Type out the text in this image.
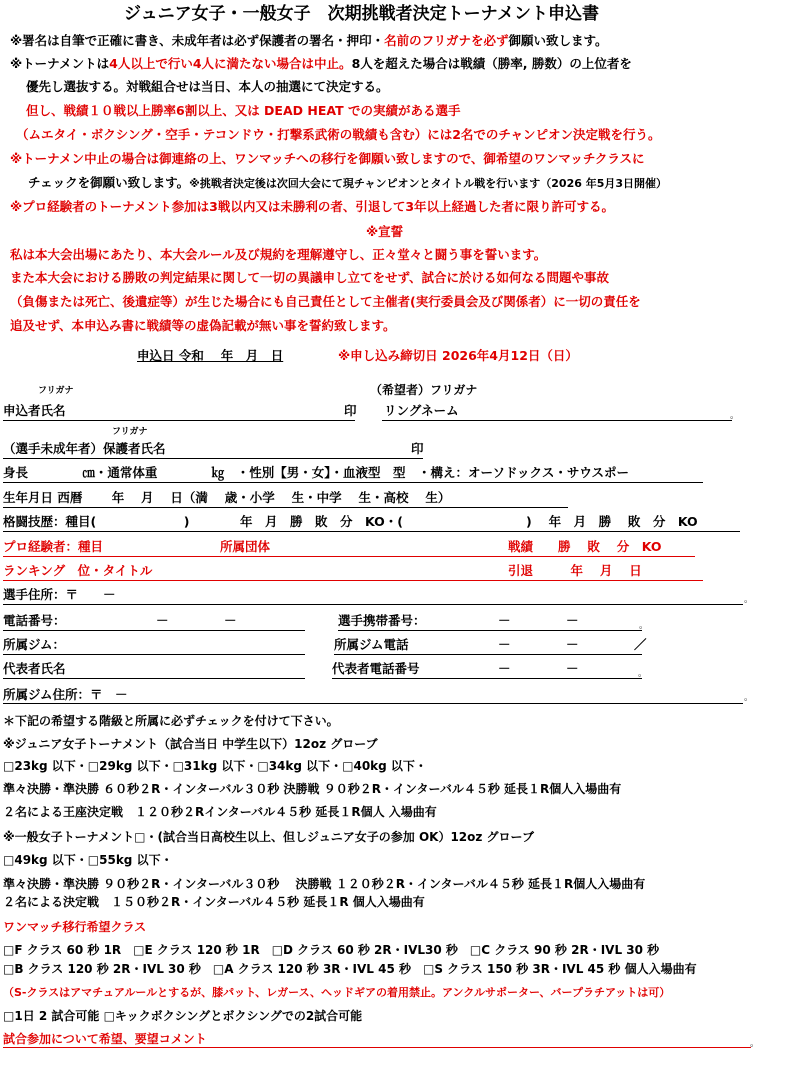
ジュニア女子・一般女子　次期挑戦者決定トーナメント申込書
※署名は自筆で正確に書き、未成年者は必ず保護者の署名・押印・名前のフリガナを必ず御願い致します。
※トーナメントは4人以上で行い4人に満たない場合は中止。8人を超えた場合は戦績（勝率, 勝数）の上位者を
優先し選抜する。対戦組合せは当日、本人の抽選にて決定する。
但し、戦績１０戦以上勝率6割以上、又は DEAD HEAT での実績がある選手
（ムエタイ・ボクシング・空手・テコンドウ・打撃系武術の戦績も含む）には2名でのチャンピオン決定戦を行う。
※トーナメン中止の場合は御連絡の上、ワンマッチへの移行を御願い致しますので、御希望のワンマッチクラスに
チェックを御願い致します。※挑戦者決定後は次回大会にて現チャンピオンとタイトル戦を行います（2026 年5月3日開催）
※プロ経験者のトーナメント参加は3戦以内又は未勝利の者、引退して3年以上経過した者に限り許可する。
※宣誓
私は本大会出場にあたり、本大会ルール及び規約を理解遵守し、正々堂々と闘う事を誓います。
また本大会における勝敗の判定結果に関して一切の異議申し立てをせず、試合に於ける如何なる問題や事故
（負傷または死亡、後遺症等）が生じた場合にも自己責任として主催者(実行委員会及び関係者）に一切の責任を
追及せず、本申込み書に戦績等の虚偽記載が無い事を誓約致します。
申込日 令和　 年　月　日	※申し込み締切日 2026年4月12日（日）
フリガナ	（希望者）フリガナ
申込者氏名	印 リングネーム	。
フリガナ
（選手未成年者）保護者氏名	印
身長　　　　 ㎝・通常体重　　　　 ㎏　・性別【男・女】・血液型　型　・構え：オーソドックス・サウスポー
生年月日 西暦　　 年　 月　 日（満　 歳・小学　 生・中学　 生・高校　 生）
格闘技歴：種目(　　　　　　　)	年　月　勝　敗　分　KO・(	)　 年　月　勝　 敗　分　KO
プロ経験者：種目	所属団体	戦績　　勝　 敗　 分　KO
ランキング　位・タイトル	引退　　　年　 月　 日
選手住所：〒　　－	。
電話番号：	－	－	選手携帯番号：	－	－	。
所属ジム：	所属ジム電話	－	－	／
代表者氏名	代表者電話番号	－	－	。
所属ジム住所：〒　－	。
＊下記の希望する階級と所属に必ずチェックを付けて下さい。
※ジュニア女子トーナメント（試合当日 中学生以下）12oz グローブ
□23kg 以下・□29kg 以下・□31kg 以下・□34kg 以下・□40kg 以下・
準々決勝・準決勝 ６０秒２R・インターバル３０秒 決勝戦 ９０秒２R・インターバル４５秒 延長１R個人入場曲有
２名による王座決定戦　１２０秒２Rインターバル４５秒 延長１R個人 入場曲有
※一般女子トーナメント□・(試合当日高校生以上、但しジュニア女子の参加 OK）12oz グローブ
□49kg 以下・□55kg 以下・
準々決勝・準決勝 ９０秒２R・インターバル３０秒　 決勝戦 １２０秒２R・インターバル４５秒 延長１R個人入場曲有
２名による決定戦　１５０秒２R・インターバル４５秒 延長１R 個人入場曲有
ワンマッチ移行希望クラス
□F クラス 60 秒 1R　□E クラス 120 秒 1R　□D クラス 60 秒 2R・IVL30 秒　□C クラス 90 秒 2R・IVL 30 秒
□B クラス 120 秒 2R・IVL 30 秒　□A クラス 120 秒 3R・IVL 45 秒　□S クラス 150 秒 3R・IVL 45 秒 個人入場曲有
（S-クラスはアマチュアルールとするが、膝パット、レガース、ヘッドギアの着用禁止。アンクルサポーター、バープラチアットは可）
□1日 2 試合可能 □キックボクシングとボクシングでの2試合可能
試合参加について希望、要望コメント	。
